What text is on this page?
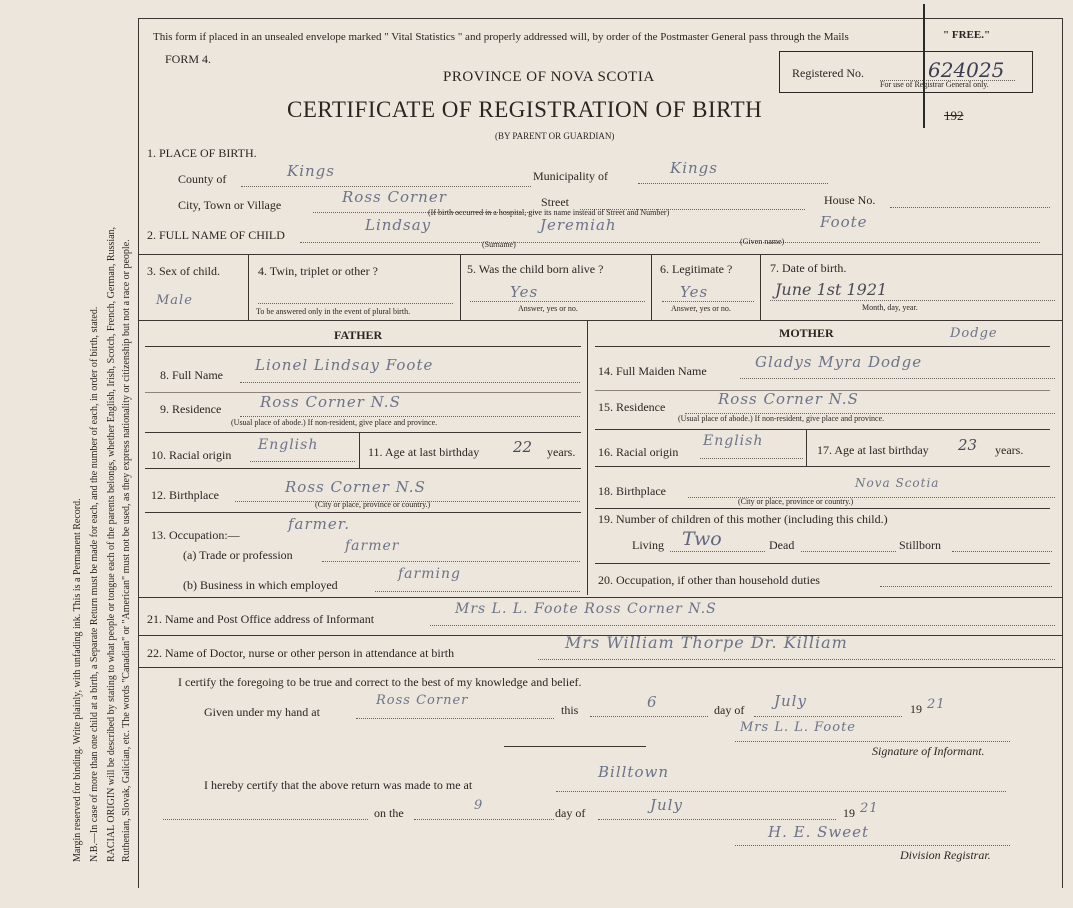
Margin reserved for binding. Write plainly, with unfading ink. This is a Permanent Record. N.B.—In case of more than one child at a birth, a Separate Return must be made for each, and the number of each, in order of birth, stated. RACIAL ORIGIN will be described by stating to what people or tongue each of the parents belongs, whether English, Irish, Scotch, French, German, Russian, Ruthenian, Slovak, Galician, etc. The words "Canadian" or "American" must not be used, as they express nationality or citizenship but not a race or people.
This form if placed in an unsealed envelope marked " Vital Statistics " and properly addressed will, by order of the Postmaster General pass through the Mails	" FREE."
FORM 4.
PROVINCE OF NOVA SCOTIA
CERTIFICATE OF REGISTRATION OF BIRTH
(BY PARENT OR GUARDIAN)
Registered No.	624025
For use of Registrar General only.
192
1. PLACE OF BIRTH.
County of	Kings	Municipality of	Kings
City, Town or Village	Ross Corner	Street	House No.
(If birth occurred in a hospital, give its name instead of Street and Number)
2. FULL NAME OF CHILD
Lindsay	Jeremiah	Foote
(Surname)	(Given name)
3. Sex of child.
Male
4. Twin, triplet or other ?
To be answered only in the event of plural birth.
5. Was the child born alive ?
Yes
Answer, yes or no.
6. Legitimate ?
Yes
Answer, yes or no.
7. Date of birth.
June 1st 1921
Month, day, year.
FATHER	MOTHER	Dodge
8. Full Name
Lionel Lindsay Foote
9. Residence	Ross Corner N.S
(Usual place of abode.) If non-resident, give place and province.
10. Racial origin
English	11. Age at last birthday 22 years.
12. Birthplace	Ross Corner N.S
(City or place, province or country.)
13. Occupation:—
farmer.
(a) Trade or profession
farmer
(b) Business in which employed
farming
14. Full Maiden Name	Gladys Myra Dodge
15. Residence	Ross Corner N.S
(Usual place of abode.) If non-resident, give place and province.
16. Racial origin
English
17. Age at last birthday 23 years.
18. Birthplace
Nova Scotia
(City or place, province or country.)
19. Number of children of this mother (including this child.)
Living Two	Dead	Stillborn
20. Occupation, if other than household duties
21. Name and Post Office address of Informant
Mrs L. L. Foote Ross Corner N.S
22. Name of Doctor, nurse or other person in attendance at birth
Mrs William Thorpe Dr. Killiam
I certify the foregoing to be true and correct to the best of my knowledge and belief.
Given under my hand at
Ross Corner
this	6	day of July	19 21
Mrs L. L. Foote
Signature of Informant.
I hereby certify that the above return was made to me at
Billtown
on the	9	day of	July	19 21
H. E. Sweet
Division Registrar.
